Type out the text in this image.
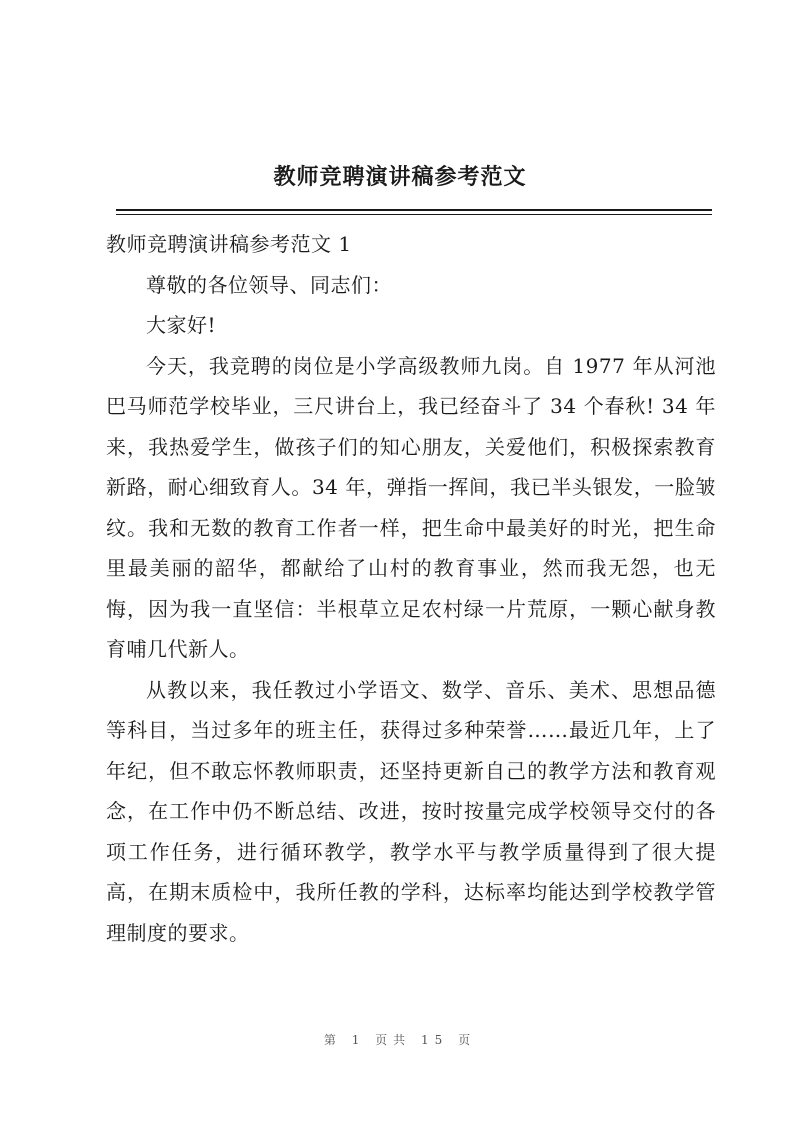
教师竞聘演讲稿参考范文

教师竞聘演讲稿参考范文 1

尊敬的各位领导、同志们：

大家好!

今天，我竞聘的岗位是小学高级教师九岗。自 1977 年从河池巴马师范学校毕业，三尺讲台上，我已经奋斗了 34 个春秋! 34 年来，我热爱学生，做孩子们的知心朋友，关爱他们，积极探索教育新路，耐心细致育人。34 年，弹指一挥间，我已半头银发，一脸皱纹。我和无数的教育工作者一样，把生命中最美好的时光，把生命里最美丽的韶华，都献给了山村的教育事业，然而我无怨，也无悔，因为我一直坚信：半根草立足农村绿一片荒原，一颗心献身教育哺几代新人。

从教以来，我任教过小学语文、数学、音乐、美术、思想品德等科目，当过多年的班主任，获得过多种荣誉……最近几年，上了年纪，但不敢忘怀教师职责，还坚持更新自己的教学方法和教育观念，在工作中仍不断总结、改进，按时按量完成学校领导交付的各项工作任务，进行循环教学，教学水平与教学质量得到了很大提高，在期末质检中，我所任教的学科，达标率均能达到学校教学管理制度的要求。

第 1 页共 15 页
